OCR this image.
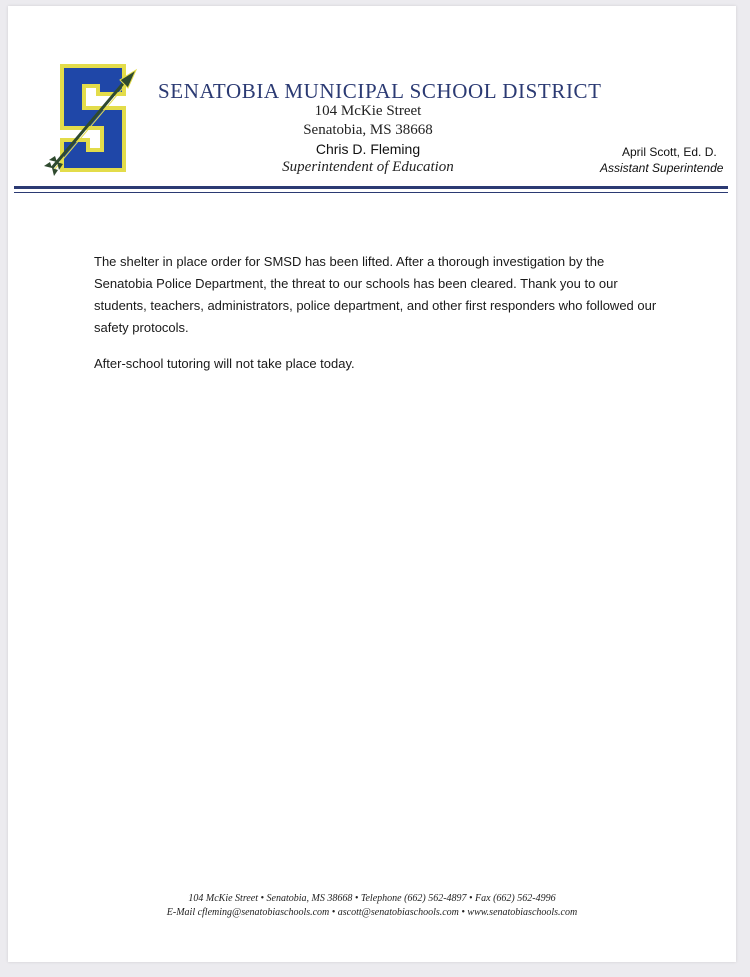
SENATOBIA MUNICIPAL SCHOOL DISTRICT
104 McKie Street
Senatobia, MS 38668
Chris D. Fleming
Superintendent of Education
April Scott, Ed. D.
Assistant Superintende

The shelter in place order for SMSD has been lifted. After a thorough investigation by the Senatobia Police Department, the threat to our schools has been cleared. Thank you to our students, teachers, administrators, police department, and other first responders who followed our safety protocols.

After-school tutoring will not take place today.

104 McKie Street • Senatobia, MS 38668 • Telephone (662) 562-4897 • Fax (662) 562-4996
E-Mail cfleming@senatobiaschools.com • ascott@senatobiaschools.com • www.senatobiaschools.com
